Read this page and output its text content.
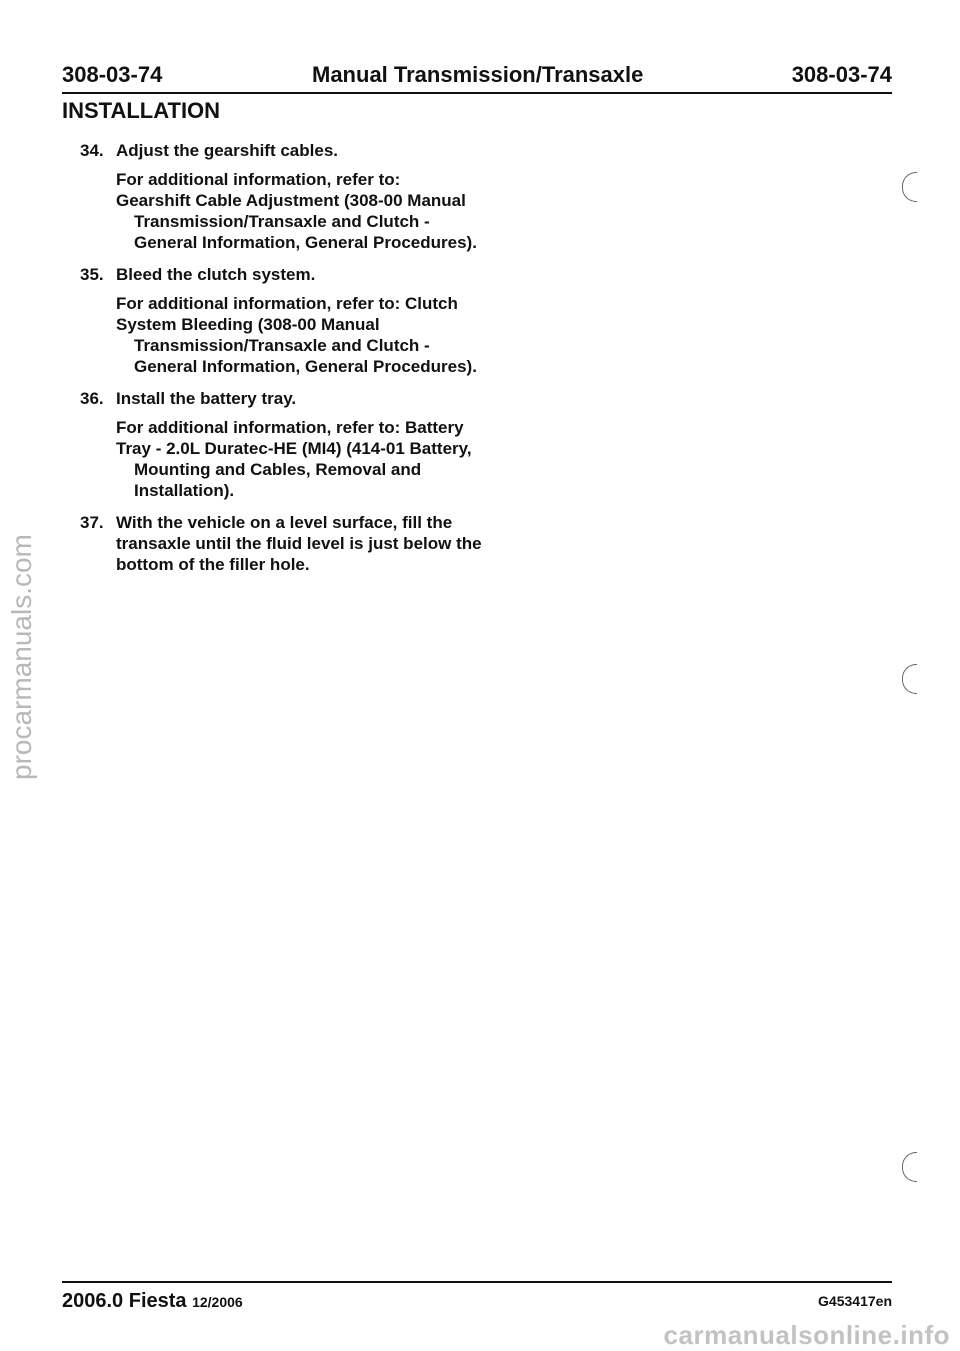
308-03-74	Manual Transmission/Transaxle	308-03-74
INSTALLATION
34. Adjust the gearshift cables.
For additional information, refer to:
Gearshift Cable Adjustment (308-00 Manual Transmission/Transaxle and Clutch - General Information, General Procedures).
35. Bleed the clutch system.
For additional information, refer to: Clutch
System Bleeding (308-00 Manual Transmission/Transaxle and Clutch - General Information, General Procedures).
36. Install the battery tray.
For additional information, refer to: Battery
Tray - 2.0L Duratec-HE (MI4) (414-01 Battery, Mounting and Cables, Removal and Installation).
37. With the vehicle on a level surface, fill the transaxle until the fluid level is just below the bottom of the filler hole.
2006.0 Fiesta 12/2006	G453417en
procarmanuals.com
carmanualsonline.info
